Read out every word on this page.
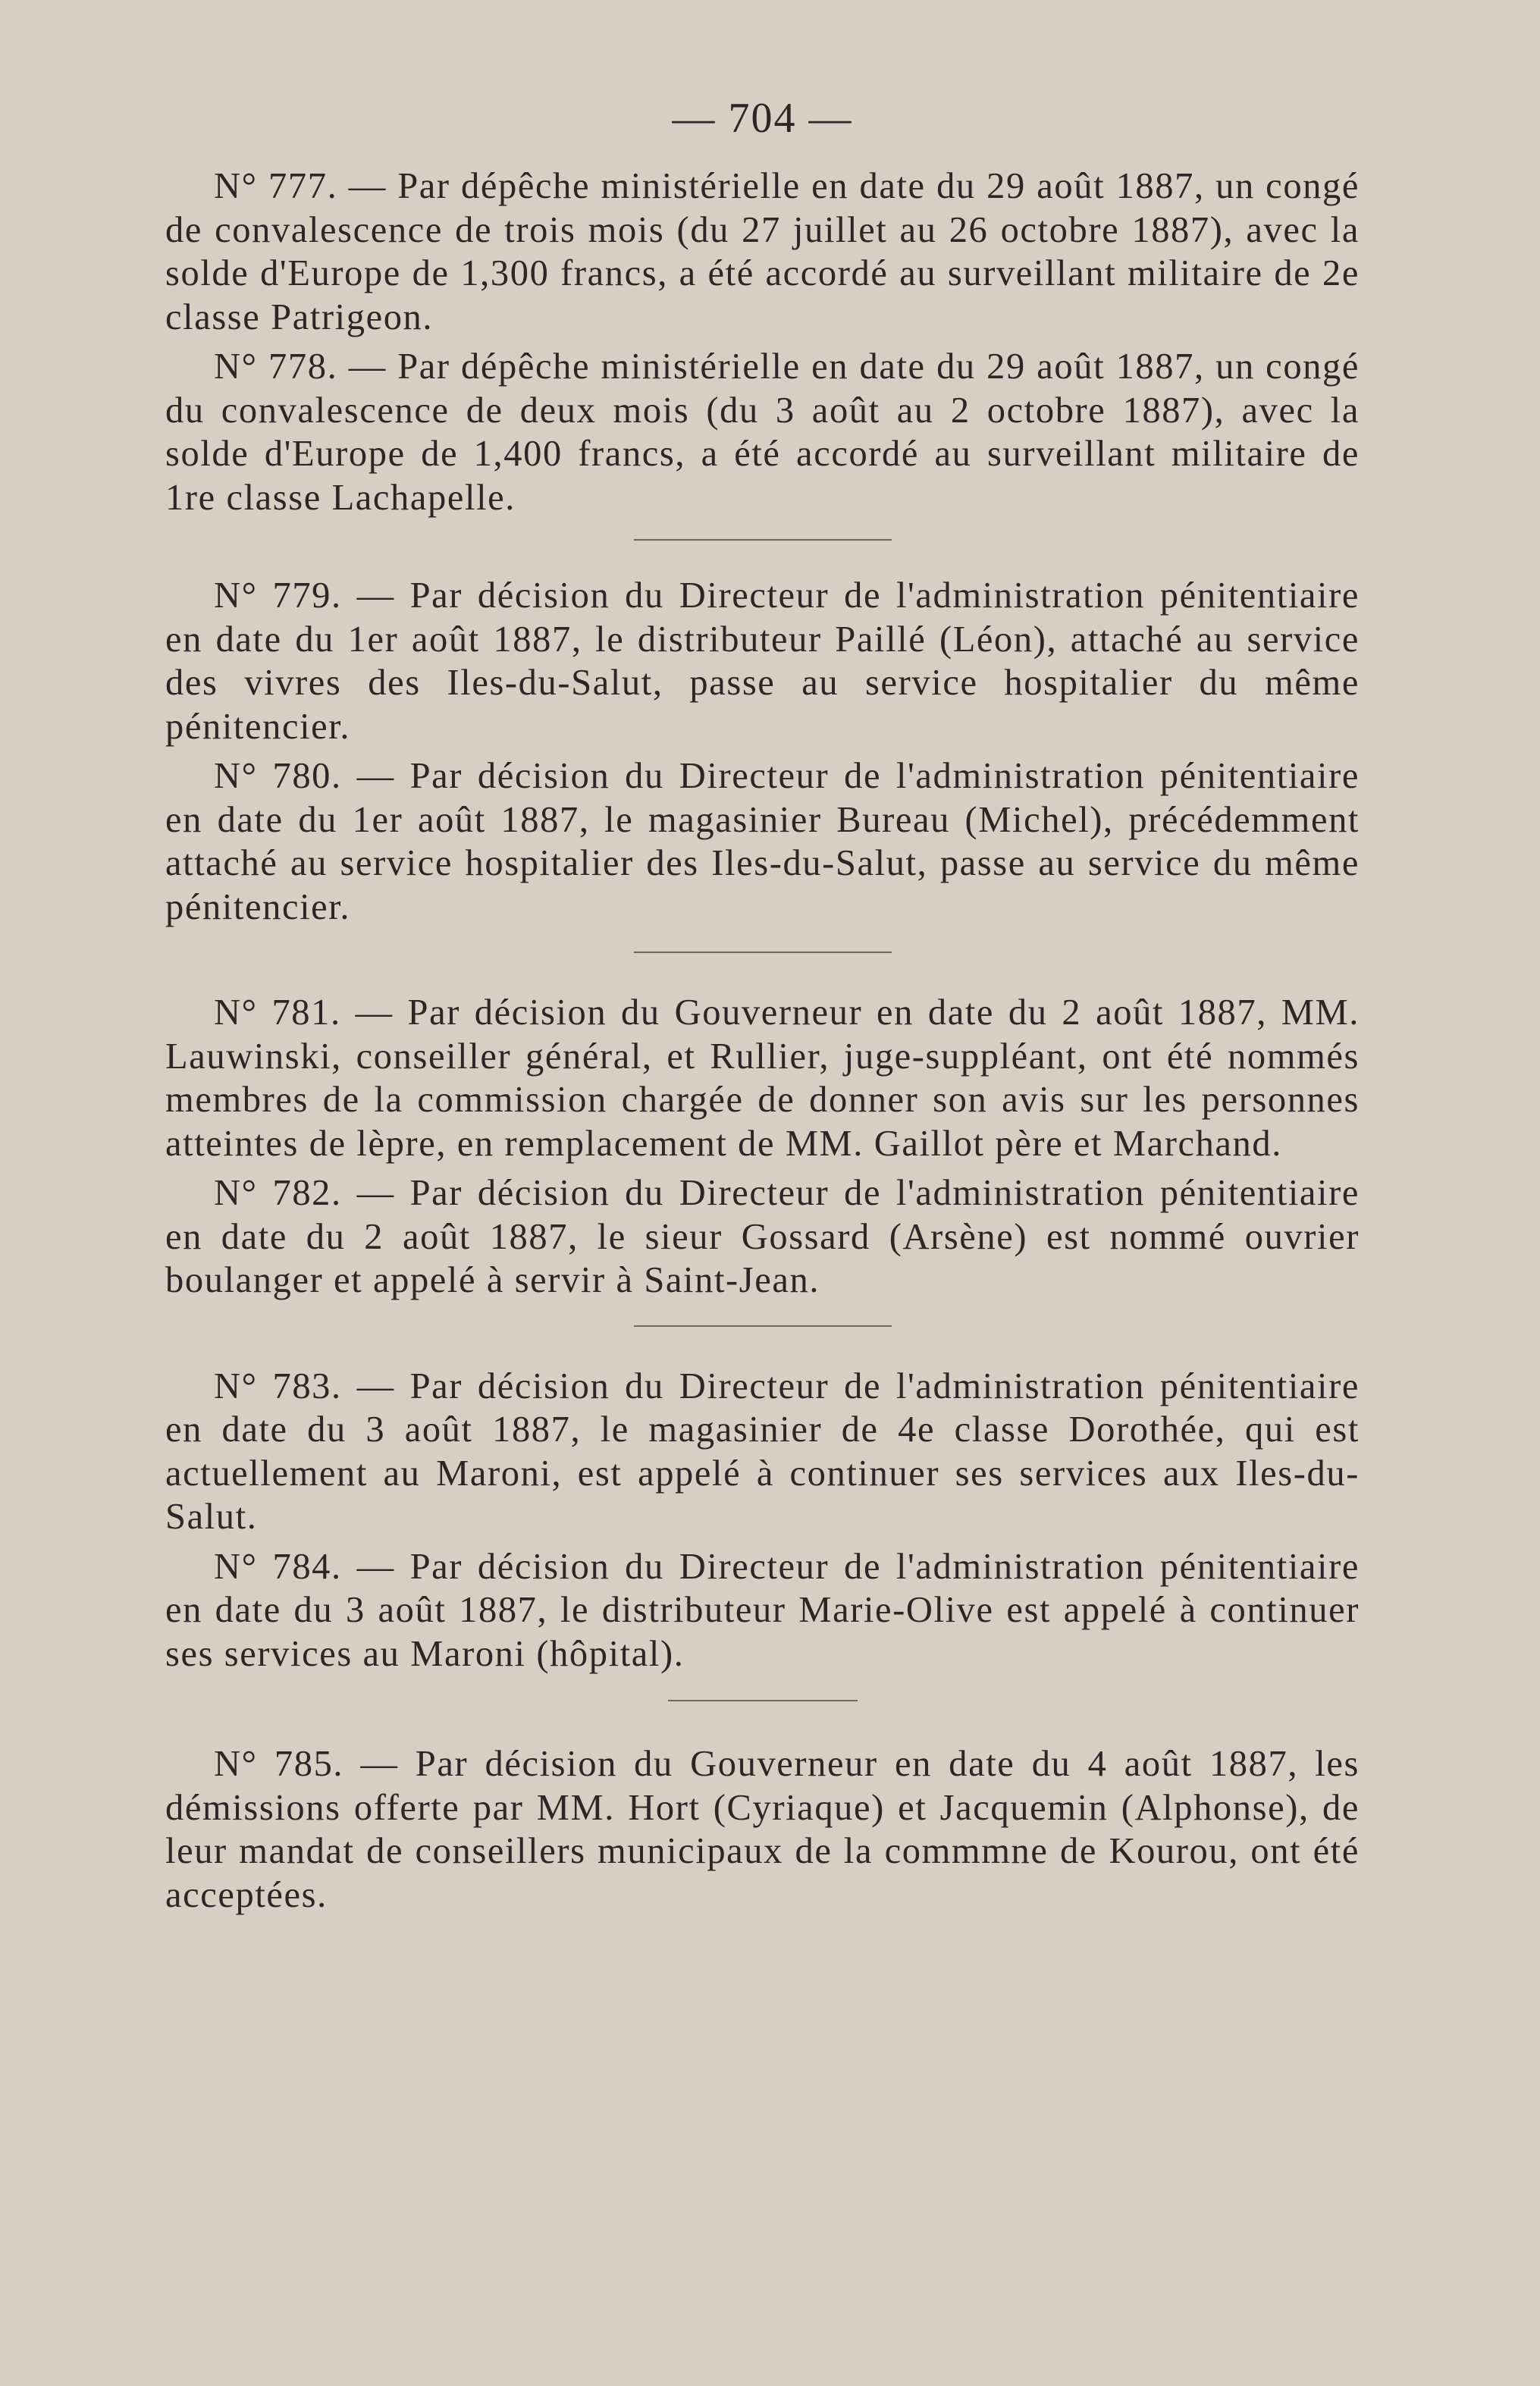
— 704 —

N° 777. — Par dépêche ministérielle en date du 29 août 1887, un congé de convalescence de trois mois (du 27 juillet au 26 octobre 1887), avec la solde d'Europe de 1,300 francs, a été accordé au surveillant militaire de 2e classe Patrigeon.

N° 778. — Par dépêche ministérielle en date du 29 août 1887, un congé du convalescence de deux mois (du 3 août au 2 octobre 1887), avec la solde d'Europe de 1,400 francs, a été accordé au surveillant militaire de 1re classe Lachapelle.

N° 779. — Par décision du Directeur de l'administration pénitentiaire en date du 1er août 1887, le distributeur Paillé (Léon), attaché au service des vivres des Iles-du-Salut, passe au service hospitalier du même pénitencier.

N° 780. — Par décision du Directeur de l'administration pénitentiaire en date du 1er août 1887, le magasinier Bureau (Michel), précédemment attaché au service hospitalier des Iles-du-Salut, passe au service du même pénitencier.

N° 781. — Par décision du Gouverneur en date du 2 août 1887, MM. Lauwinski, conseiller général, et Rullier, juge-suppléant, ont été nommés membres de la commission chargée de donner son avis sur les personnes atteintes de lèpre, en remplacement de MM. Gaillot père et Marchand.

N° 782. — Par décision du Directeur de l'administration pénitentiaire en date du 2 août 1887, le sieur Gossard (Arsène) est nommé ouvrier boulanger et appelé à servir à Saint-Jean.

N° 783. — Par décision du Directeur de l'administration pénitentiaire en date du 3 août 1887, le magasinier de 4e classe Dorothée, qui est actuellement au Maroni, est appelé à continuer ses services aux Iles-du-Salut.

N° 784. — Par décision du Directeur de l'administration pénitentiaire en date du 3 août 1887, le distributeur Marie-Olive est appelé à continuer ses services au Maroni (hôpital).

N° 785. — Par décision du Gouverneur en date du 4 août 1887, les démissions offerte par MM. Hort (Cyriaque) et Jacquemin (Alphonse), de leur mandat de conseillers municipaux de la commmne de Kourou, ont été acceptées.
